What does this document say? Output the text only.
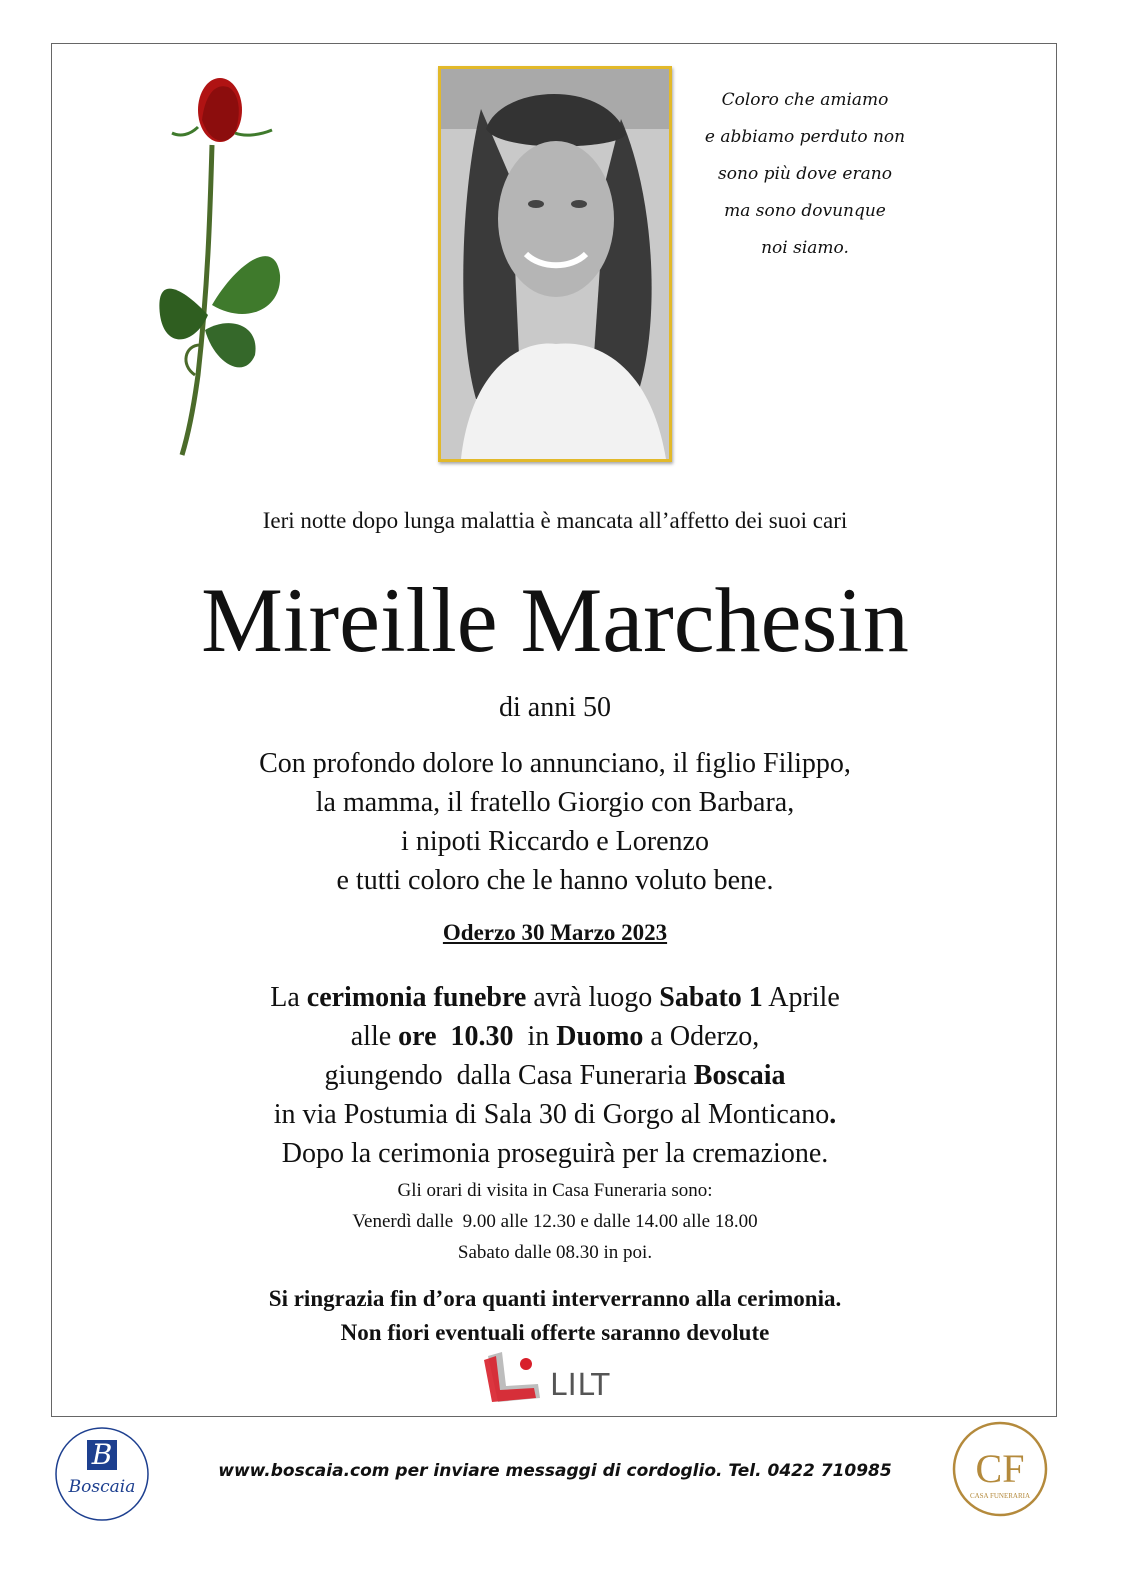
Coloro che amiamo
e abbiamo perduto non
sono più dove erano
ma sono dovunque
noi siamo.
Ieri notte dopo lunga malattia è mancata all’affetto dei suoi cari
Mireille Marchesin
di anni 50
Con profondo dolore lo annunciano, il figlio Filippo,
la mamma, il fratello Giorgio con Barbara,
i nipoti Riccardo e Lorenzo
e tutti coloro che le hanno voluto bene.
Oderzo 30 Marzo 2023
La cerimonia funebre avrà luogo Sabato 1 Aprile
alle ore  10.30  in Duomo a Oderzo,
giungendo  dalla Casa Funeraria Boscaia
in via Postumia di Sala 30 di Gorgo al Monticano.
Dopo la cerimonia proseguirà per la cremazione.
Gli orari di visita in Casa Funeraria sono:
Venerdì dalle  9.00 alle 12.30 e dalle 14.00 alle 18.00
Sabato dalle 08.30 in poi.
Si ringrazia fin d’ora quanti interverranno alla cerimonia.
Non fiori eventuali offerte saranno devolute
LILT
B
Boscaia
www.boscaia.com per inviare messaggi di cordoglio. Tel. 0422 710985	CF
CASA FUNERARIA
